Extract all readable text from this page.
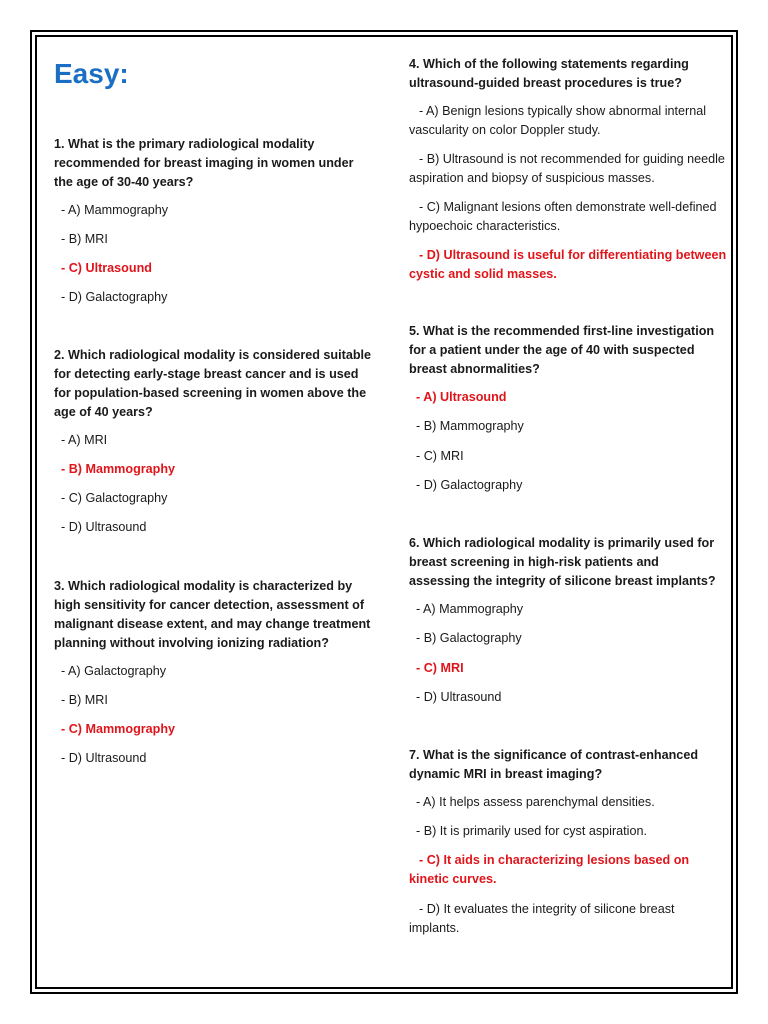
Easy:

1. What is the primary radiological modality recommended for breast imaging in women under the age of 30-40 years?

- A) Mammography

- B) MRI

- C) Ultrasound

- D) Galactography

2. Which radiological modality is considered suitable for detecting early-stage breast cancer and is used for population-based screening in women above the age of 40 years?

- A) MRI

- B) Mammography

- C) Galactography

- D) Ultrasound

3. Which radiological modality is characterized by high sensitivity for cancer detection, assessment of malignant disease extent, and may change treatment planning without involving ionizing radiation?

- A) Galactography

- B) MRI

- C) Mammography

- D) Ultrasound

4. Which of the following statements regarding ultrasound-guided breast procedures is true?

- A) Benign lesions typically show abnormal internal vascularity on color Doppler study.

- B) Ultrasound is not recommended for guiding needle aspiration and biopsy of suspicious masses.

- C) Malignant lesions often demonstrate well-defined hypoechoic characteristics.

- D) Ultrasound is useful for differentiating between cystic and solid masses.

5. What is the recommended first-line investigation for a patient under the age of 40 with suspected breast abnormalities?

- A) Ultrasound

- B) Mammography

- C) MRI

- D) Galactography

6. Which radiological modality is primarily used for breast screening in high-risk patients and assessing the integrity of silicone breast implants?

- A) Mammography

- B) Galactography

- C) MRI

- D) Ultrasound

7. What is the significance of contrast-enhanced dynamic MRI in breast imaging?

- A) It helps assess parenchymal densities.

- B) It is primarily used for cyst aspiration.

- C) It aids in characterizing lesions based on kinetic curves.

- D) It evaluates the integrity of silicone breast implants.
